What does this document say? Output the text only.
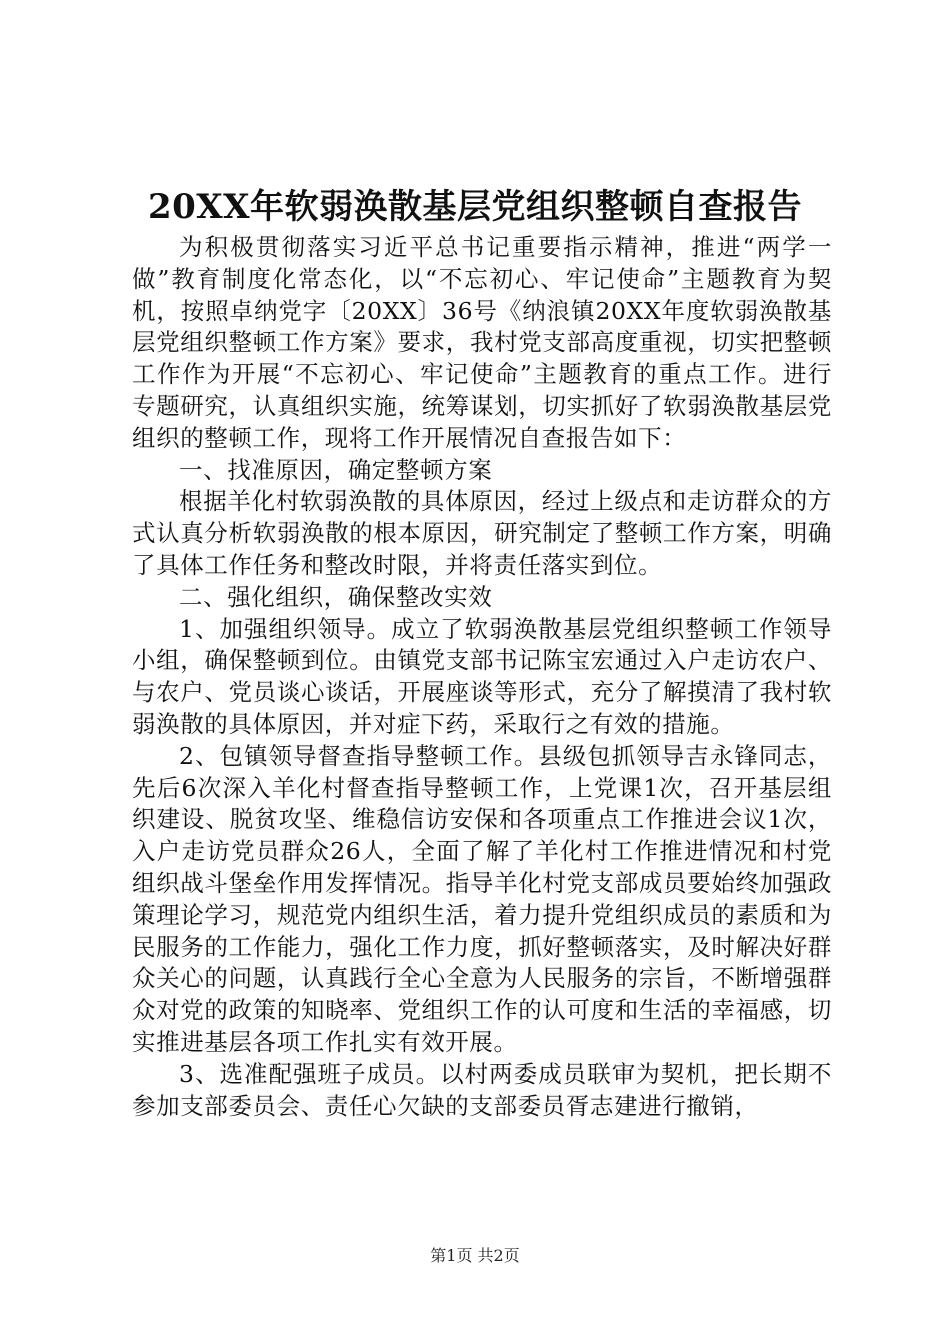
20XX年软弱涣散基层党组织整顿自查报告

为积极贯彻落实习近平总书记重要指示精神，推进“两学一做”教育制度化常态化，以“不忘初心、牢记使命”主题教育为契机，按照卓纳党字〔20XX〕36号《纳浪镇20XX年度软弱涣散基层党组织整顿工作方案》要求，我村党支部高度重视，切实把整顿工作作为开展“不忘初心、牢记使命”主题教育的重点工作。进行专题研究，认真组织实施，统筹谋划，切实抓好了软弱涣散基层党组织的整顿工作，现将工作开展情况自查报告如下：

一、找准原因，确定整顿方案

根据羊化村软弱涣散的具体原因，经过上级点和走访群众的方式认真分析软弱涣散的根本原因，研究制定了整顿工作方案，明确了具体工作任务和整改时限，并将责任落实到位。

二、强化组织，确保整改实效

1、加强组织领导。成立了软弱涣散基层党组织整顿工作领导小组，确保整顿到位。由镇党支部书记陈宝宏通过入户走访农户、与农户、党员谈心谈话，开展座谈等形式，充分了解摸清了我村软弱涣散的具体原因，并对症下药，采取行之有效的措施。

2、包镇领导督查指导整顿工作。县级包抓领导吉永锋同志，先后6次深入羊化村督查指导整顿工作，上党课1次，召开基层组织建设、脱贫攻坚、维稳信访安保和各项重点工作推进会议1次，入户走访党员群众26人，全面了解了羊化村工作推进情况和村党组织战斗堡垒作用发挥情况。指导羊化村党支部成员要始终加强政策理论学习，规范党内组织生活，着力提升党组织成员的素质和为民服务的工作能力，强化工作力度，抓好整顿落实，及时解决好群众关心的问题，认真践行全心全意为人民服务的宗旨，不断增强群众对党的政策的知晓率、党组织工作的认可度和生活的幸福感，切实推进基层各项工作扎实有效开展。

3、选准配强班子成员。以村两委成员联审为契机，把长期不参加支部委员会、责任心欠缺的支部委员胥志建进行撤销，

第1页 共2页
